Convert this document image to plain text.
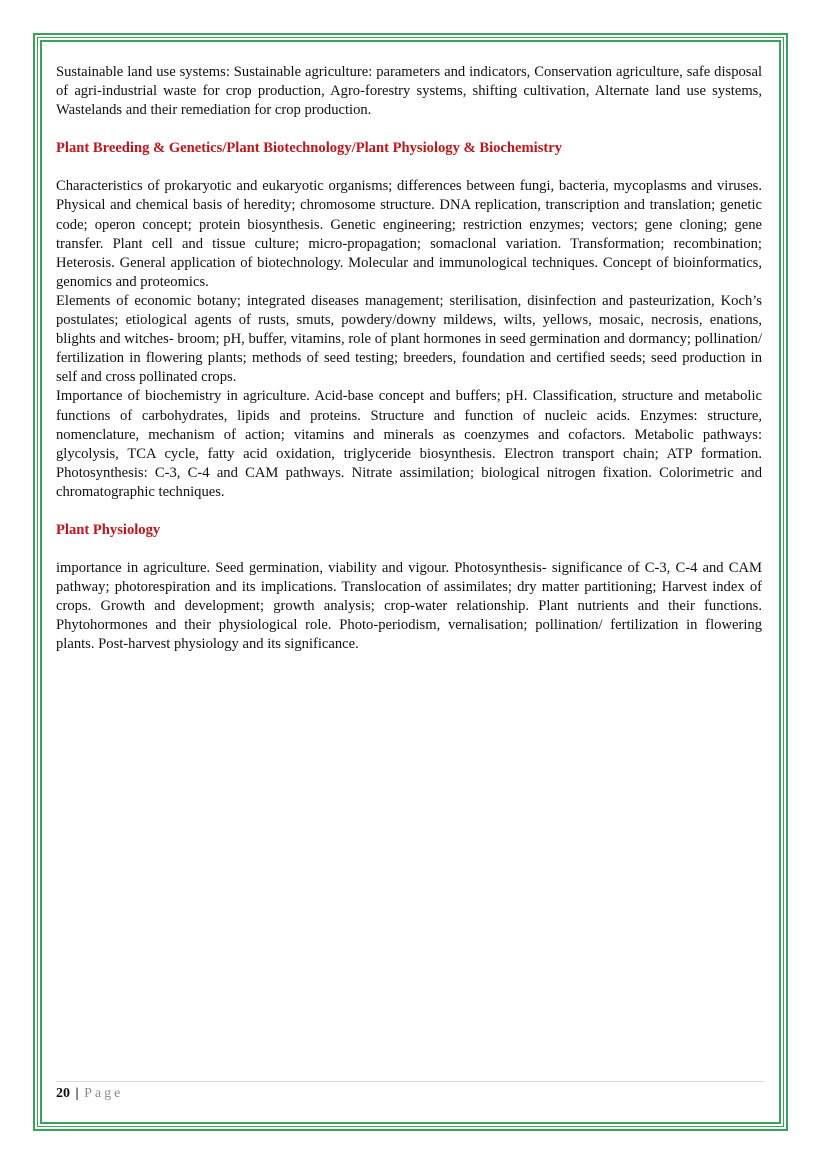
Sustainable land use systems: Sustainable agriculture: parameters and indicators, Conservation agriculture, safe disposal of agri-industrial waste for crop production, Agro-forestry systems, shifting cultivation, Alternate land use systems, Wastelands and their remediation for crop production.

Plant Breeding & Genetics/Plant Biotechnology/Plant Physiology & Biochemistry

Characteristics of prokaryotic and eukaryotic organisms; differences between fungi, bacteria, mycoplasms and viruses. Physical and chemical basis of heredity; chromosome structure. DNA replication, transcription and translation; genetic code; operon concept; protein biosynthesis. Genetic engineering; restriction enzymes; vectors; gene cloning; gene transfer. Plant cell and tissue culture; micro-propagation; somaclonal variation. Transformation; recombination; Heterosis. General application of biotechnology. Molecular and immunological techniques. Concept of bioinformatics, genomics and proteomics.

Elements of economic botany; integrated diseases management; sterilisation, disinfection and pasteurization, Koch’s postulates; etiological agents of rusts, smuts, powdery/downy mildews, wilts, yellows, mosaic, necrosis, enations, blights and witches- broom; pH, buffer, vitamins, role of plant hormones in seed germination and dormancy; pollination/ fertilization in flowering plants; methods of seed testing; breeders, foundation and certified seeds; seed production in self and cross pollinated crops.

Importance of biochemistry in agriculture. Acid-base concept and buffers; pH. Classification, structure and metabolic functions of carbohydrates, lipids and proteins. Structure and function of nucleic acids. Enzymes: structure, nomenclature, mechanism of action; vitamins and minerals as coenzymes and cofactors. Metabolic pathways: glycolysis, TCA cycle, fatty acid oxidation, triglyceride biosynthesis. Electron transport chain; ATP formation. Photosynthesis: C-3, C-4 and CAM pathways. Nitrate assimilation; biological nitrogen fixation. Colorimetric and chromatographic techniques.

Plant Physiology

importance in agriculture. Seed germination, viability and vigour. Photosynthesis- significance of C-3, C-4 and CAM pathway; photorespiration and its implications. Translocation of assimilates; dry matter partitioning; Harvest index of crops. Growth and development; growth analysis; crop-water relationship. Plant nutrients and their functions. Phytohormones and their physiological role. Photo-periodism, vernalisation; pollination/ fertilization in flowering plants. Post-harvest physiology and its significance.

20 | Page
